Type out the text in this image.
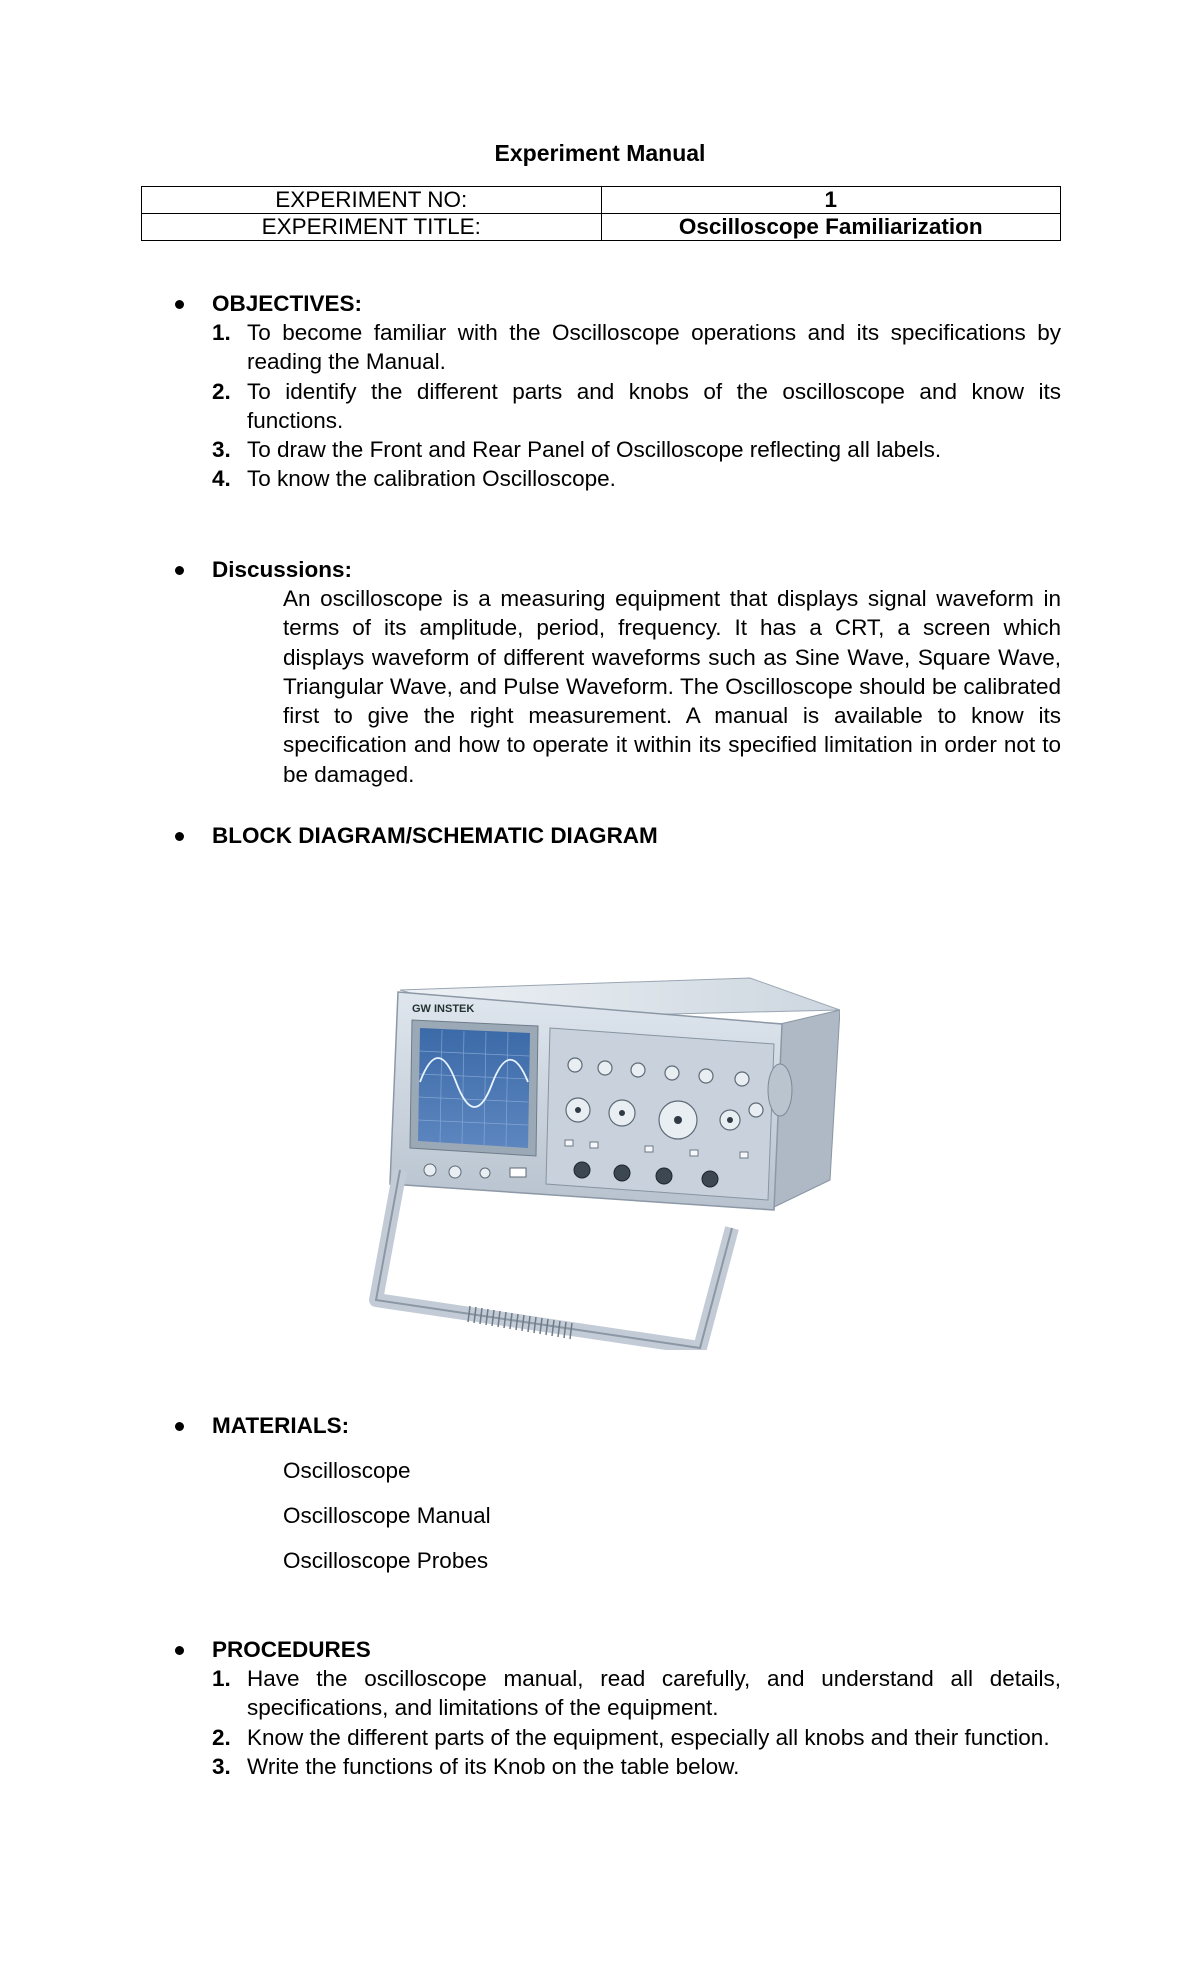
Experiment Manual
EXPERIMENT NO:	1
EXPERIMENT TITLE:	Oscilloscope Familiarization
OBJECTIVES:
1. To become familiar with the Oscilloscope operations and its specifications by reading the Manual.
2. To identify the different parts and knobs of the oscilloscope and know its functions.
3. To draw the Front and Rear Panel of Oscilloscope reflecting all labels.
4. To know the calibration Oscilloscope.
Discussions:
An oscilloscope is a measuring equipment that displays signal waveform in terms of its amplitude, period, frequency. It has a CRT, a screen which displays waveform of different waveforms such as Sine Wave, Square Wave, Triangular Wave, and Pulse Waveform. The Oscilloscope should be calibrated first to give the right measurement. A manual is available to know its specification and how to operate it within its specified limitation in order not to be damaged.
BLOCK DIAGRAM/SCHEMATIC DIAGRAM
GW INSTEK
MATERIALS:
Oscilloscope
Oscilloscope Manual
Oscilloscope Probes
PROCEDURES
1. Have the oscilloscope manual, read carefully, and understand all details, specifications, and limitations of the equipment.
2. Know the different parts of the equipment, especially all knobs and their function.
3. Write the functions of its Knob on the table below.
